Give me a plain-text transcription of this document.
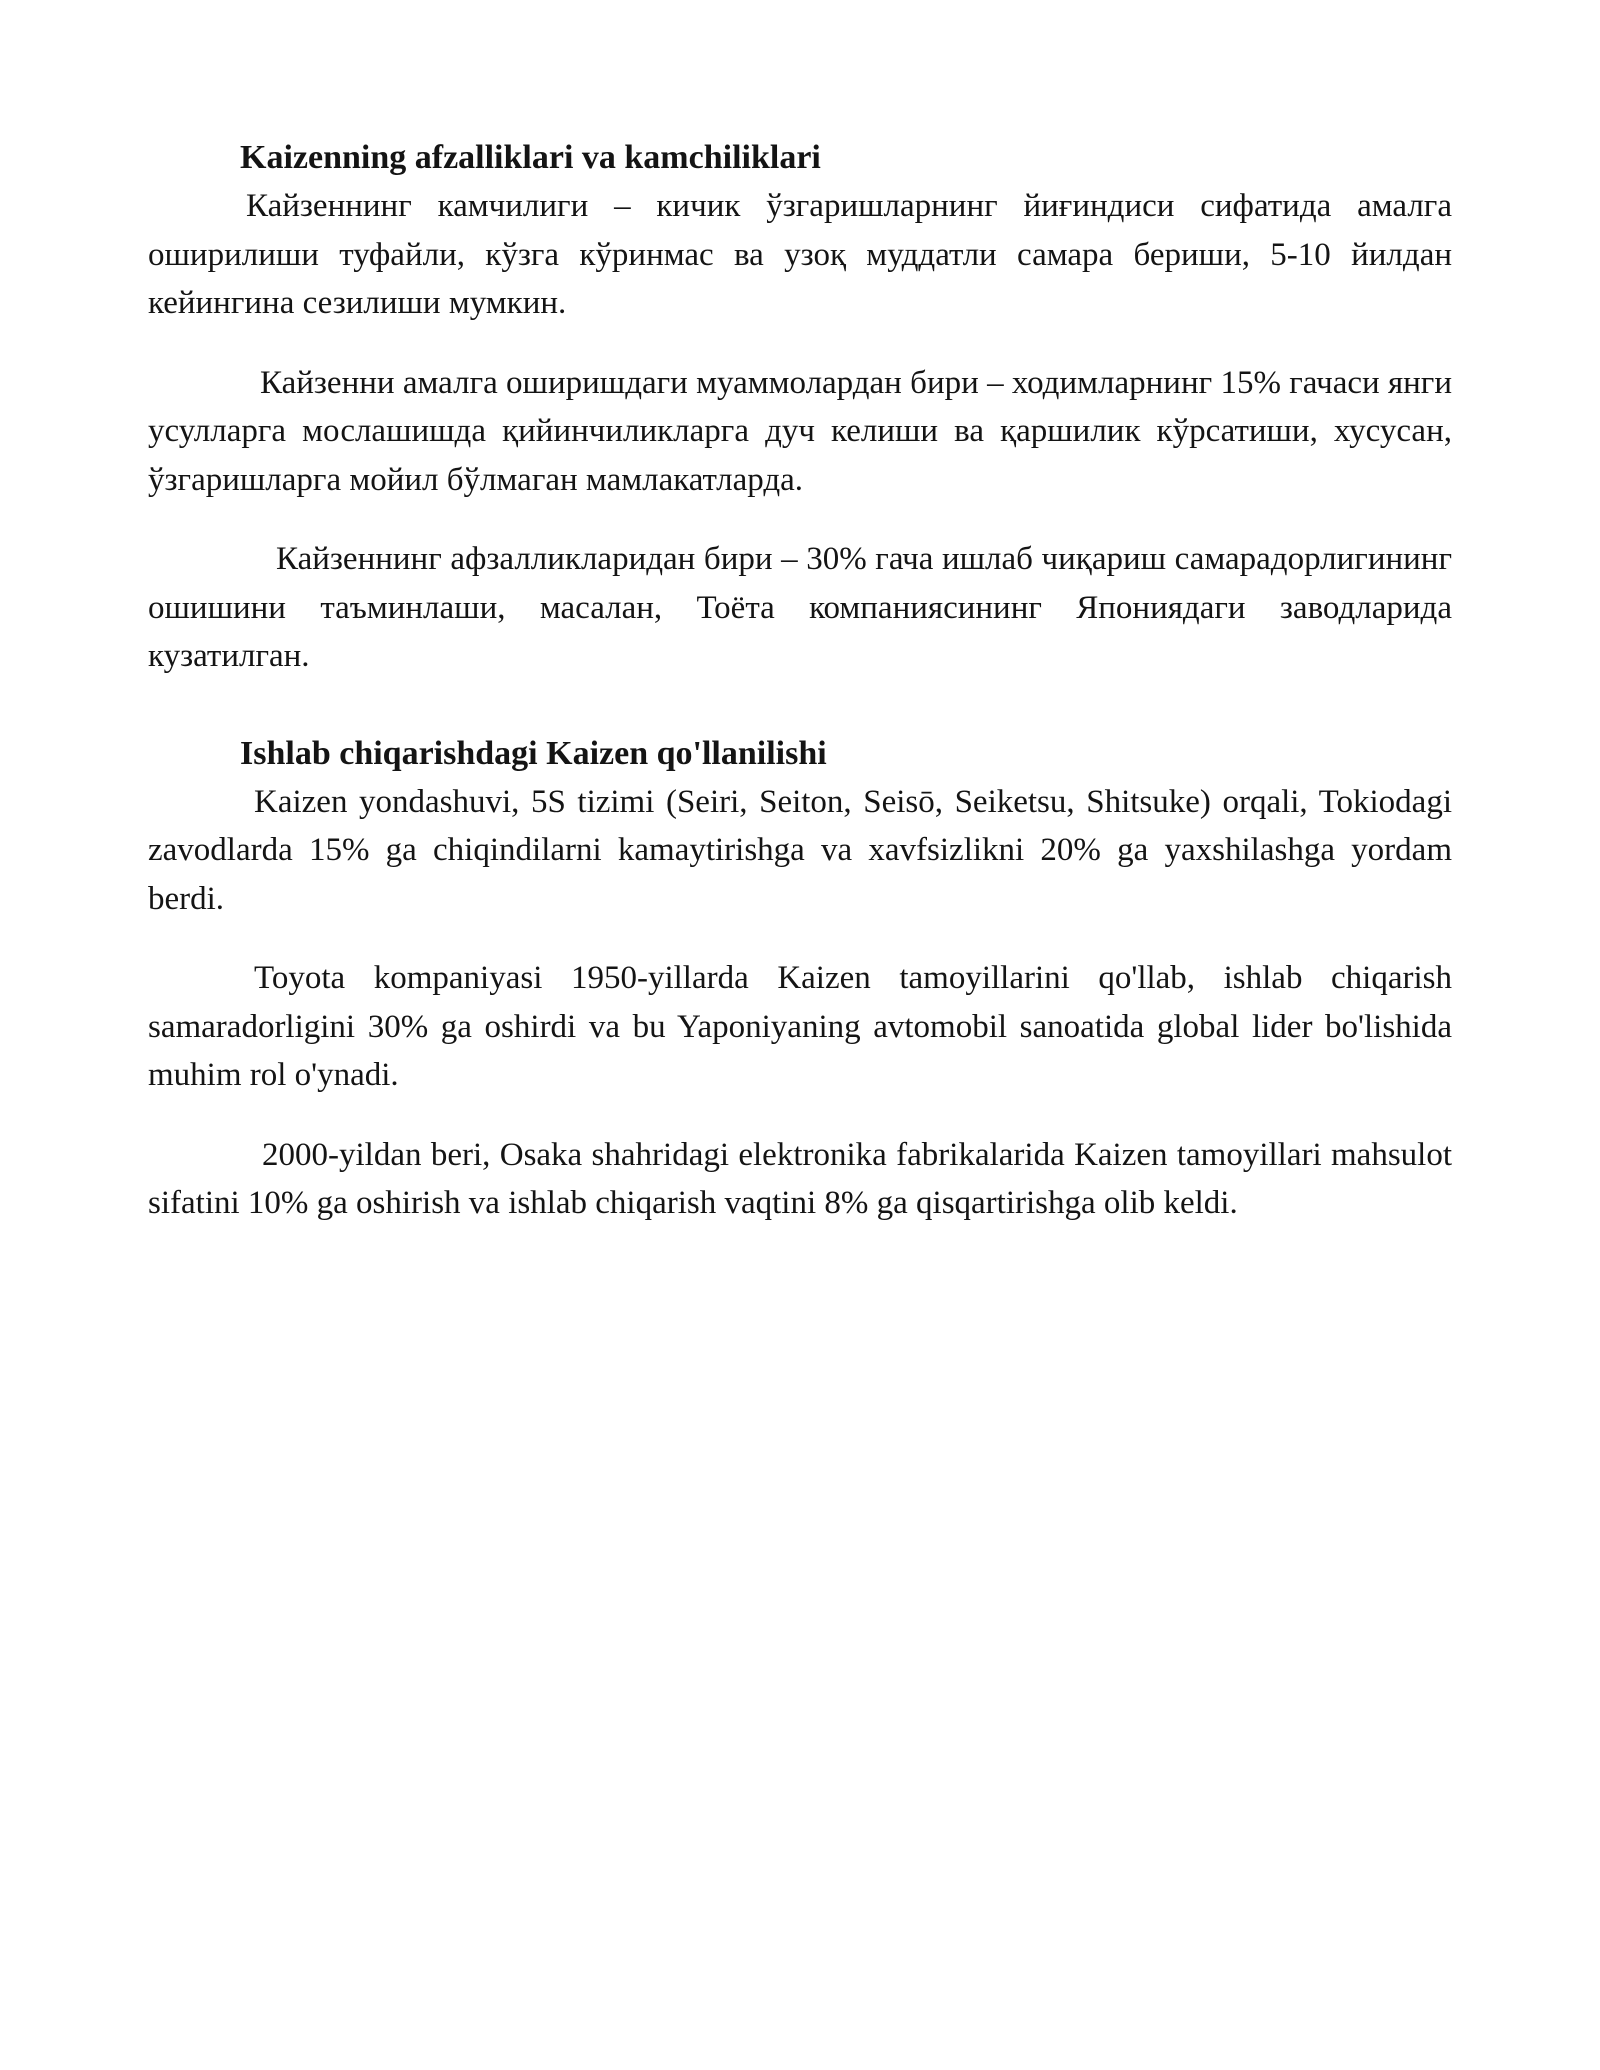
Kaizenning afzalliklari va kamchiliklari

Кайзеннинг камчилиги – кичик ўзгаришларнинг йиғиндиси сифатида амалга оширилиши туфайли, кўзга кўринмас ва узоқ муддатли самара бериши, 5-10 йилдан кейингина сезилиши мумкин.

Кайзенни амалга оширишдаги муаммолардан бири – ходимларнинг 15% гачаси янги усулларга мослашишда қийинчиликларга дуч келиши ва қаршилик кўрсатиши, хусусан, ўзгаришларга мойил бўлмаган мамлакатларда.

Кайзеннинг афзалликларидан бири – 30% гача ишлаб чиқариш самарадорлигининг ошишини таъминлаши, масалан, Тоёта компаниясининг Япониядаги заводларида кузатилган.

Ishlab chiqarishdagi Kaizen qo'llanilishi

Kaizen yondashuvi, 5S tizimi (Seiri, Seiton, Seisō, Seiketsu, Shitsuke) orqali, Tokiodagi zavodlarda 15% ga chiqindilarni kamaytirishga va xavfsizlikni 20% ga yaxshilashga yordam berdi.

Toyota kompaniyasi 1950-yillarda Kaizen tamoyillarini qo'llab, ishlab chiqarish samaradorligini 30% ga oshirdi va bu Yaponiyaning avtomobil sanoatida global lider bo'lishida muhim rol o'ynadi.

2000-yildan beri, Osaka shahridagi elektronika fabrikalarida Kaizen tamoyillari mahsulot sifatini 10% ga oshirish va ishlab chiqarish vaqtini 8% ga qisqartirishga olib keldi.
